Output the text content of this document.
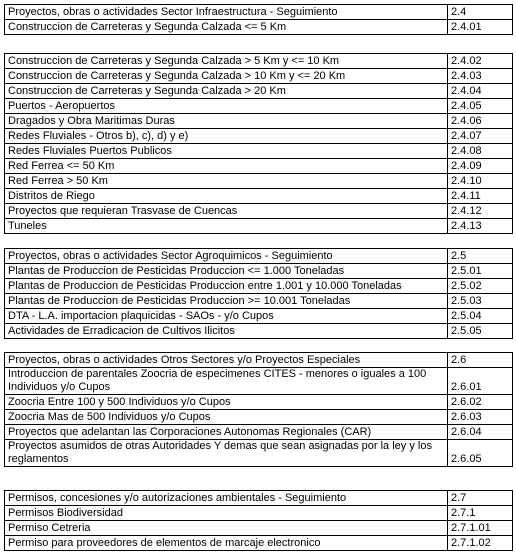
Proyectos, obras o actividades Sector Infraestructura - Seguimiento	2.4
Construccion de Carreteras y Segunda Calzada <= 5 Km	2.4.01
Construccion de Carreteras y Segunda Calzada > 5 Km y <= 10 Km	2.4.02
Construccion de Carreteras y Segunda Calzada > 10 Km y <= 20 Km	2.4.03
Construccion de Carreteras y Segunda Calzada > 20 Km	2.4.04
Puertos - Aeropuertos	2.4.05
Dragados y Obra Maritimas Duras	2.4.06
Redes Fluviales - Otros b), c), d) y e)	2.4.07
Redes Fluviales Puertos Publicos	2.4.08
Red Ferrea <= 50 Km	2.4.09
Red Ferrea > 50 Km	2.4.10
Distritos de Riego	2.4.11
Proyectos que requieran Trasvase de Cuencas	2.4.12
Tuneles	2.4.13
Proyectos, obras o actividades Sector Agroquimicos - Seguimiento	2.5
Plantas de Produccion de Pesticidas Produccion <= 1.000 Toneladas	2.5.01
Plantas de Produccion de Pesticidas Produccion entre 1.001 y 10.000 Toneladas	2.5.02
Plantas de Produccion de Pesticidas Produccion >= 10.001 Toneladas	2.5.03
DTA - L.A. importacion plaquicidas - SAOs - y/o Cupos	2.5.04
Actividades de Erradicacion de Cultivos Ilicitos	2.5.05
Proyectos, obras o actividades Otros Sectores y/o Proyectos Especiales	2.6
Introduccion de parentales Zoocria de especimenes CITES - menores o iguales a 100 Individuos y/o Cupos	2.6.01
Zoocria Entre 100 y 500 Individuos y/o Cupos	2.6.02
Zoocria Mas de 500 Individuos y/o Cupos	2.6.03
Proyectos que adelantan las Corporaciones Autonomas Regionales (CAR)	2.6.04
Proyectos asumidos de otras Autoridades Y demas que sean asignadas por la ley y los reglamentos	2.6.05
Permisos, concesiones y/o autorizaciones ambientales - Seguimiento	2.7
Permisos Biodiversidad	2.7.1
Permiso Cetreria	2.7.1.01
Permiso para proveedores de elementos de marcaje electronico	2.7.1.02
